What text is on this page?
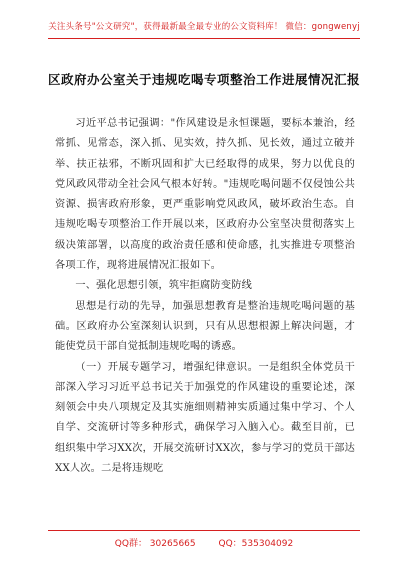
关注头条号"公文研究"，获得最新最全最专业的公文资料库！ 微信：gongwenyj
区政府办公室关于违规吃喝专项整治工作进展情况汇报

习近平总书记强调："作风建设是永恒课题，要标本兼治，经常抓、见常态，深入抓、见实效，持久抓、见长效，通过立破并举、扶正祛邪，不断巩固和扩大已经取得的成果，努力以优良的党风政风带动全社会风气根本好转。"违规吃喝问题不仅侵蚀公共资源、损害政府形象，更严重影响党风政风，破坏政治生态。自违规吃喝专项整治工作开展以来，区政府办公室坚决贯彻落实上级决策部署，以高度的政治责任感和使命感，扎实推进专项整治各项工作，现将进展情况汇报如下。

一、强化思想引领，筑牢拒腐防变防线

思想是行动的先导，加强思想教育是整治违规吃喝问题的基础。区政府办公室深刻认识到，只有从思想根源上解决问题，才能使党员干部自觉抵制违规吃喝的诱惑。

（一）开展专题学习，增强纪律意识。一是组织全体党员干部深入学习习近平总书记关于加强党的作风建设的重要论述，深刻领会中央八项规定及其实施细则精神实质通过集中学习、个人自学、交流研讨等多种形式，确保学习入脑入心。截至目前，已组织集中学习XX次，开展交流研讨XX次，参与学习的党员干部达XX人次。二是将违规吃

QQ群： 30265665	QQ：535304092
